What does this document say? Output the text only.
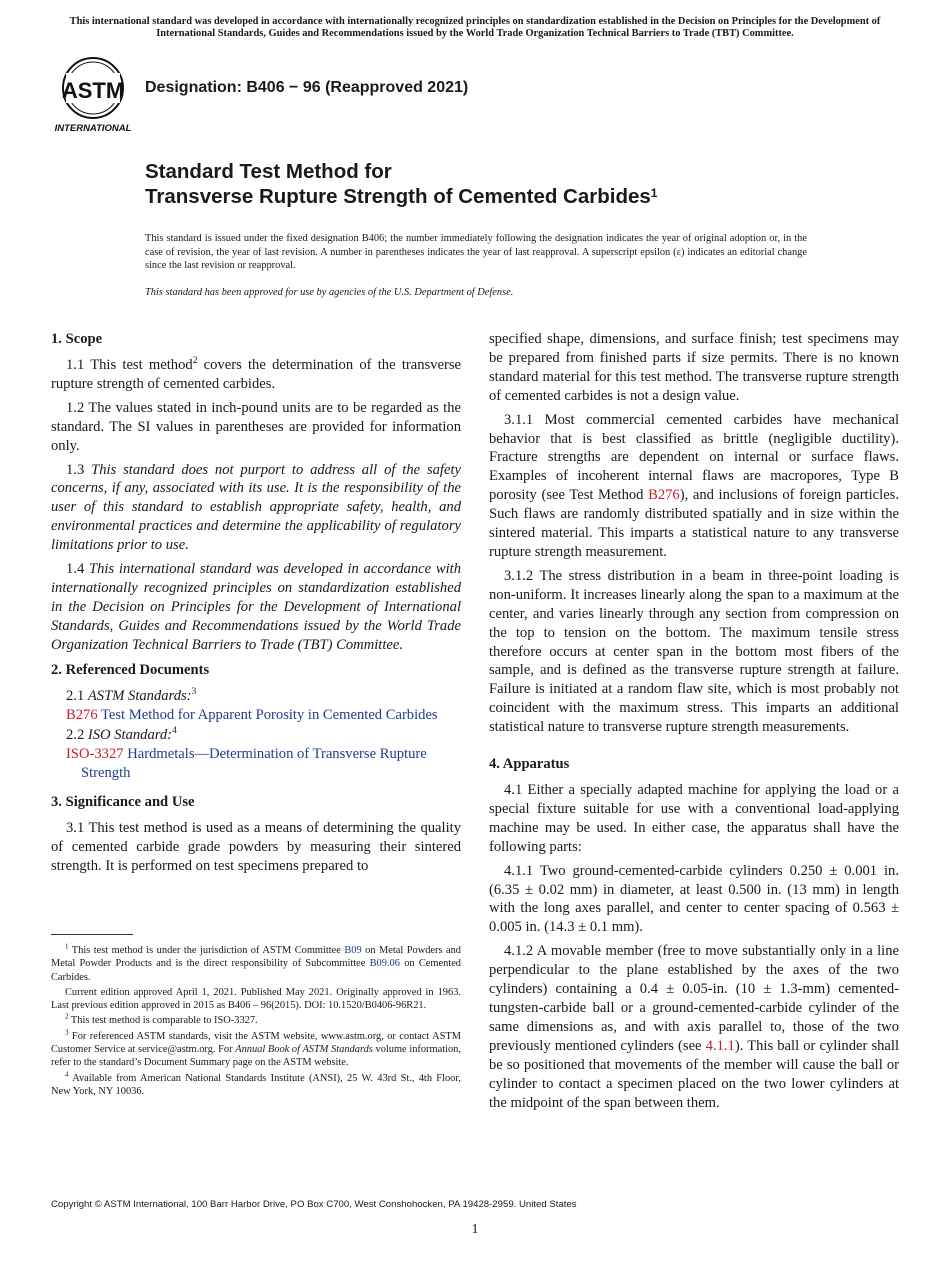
This international standard was developed in accordance with internationally recognized principles on standardization established in the Decision on Principles for the Development of International Standards, Guides and Recommendations issued by the World Trade Organization Technical Barriers to Trade (TBT) Committee.
ASTM
INTERNATIONAL
Designation: B406 − 96 (Reapproved 2021)
Standard Test Method for
Transverse Rupture Strength of Cemented Carbides$^1$
This standard is issued under the fixed designation B406; the number immediately following the designation indicates the year of original adoption or, in the case of revision, the year of last revision. A number in parentheses indicates the year of last reapproval. A superscript epsilon (ε) indicates an editorial change since the last revision or reapproval.
This standard has been approved for use by agencies of the U.S. Department of Defense.
1. Scope

1.1 This test method$^2$ covers the determination of the transverse rupture strength of cemented carbides.

1.2 The values stated in inch-pound units are to be regarded as the standard. The SI values in parentheses are provided for information only.

1.3 This standard does not purport to address all of the safety concerns, if any, associated with its use. It is the responsibility of the user of this standard to establish appropriate safety, health, and environmental practices and determine the applicability of regulatory limitations prior to use.

1.4 This international standard was developed in accordance with internationally recognized principles on standardization established in the Decision on Principles for the Development of International Standards, Guides and Recommendations issued by the World Trade Organization Technical Barriers to Trade (TBT) Committee.

2. Referenced Documents
2.1 ASTM Standards:$^3$
B276 Test Method for Apparent Porosity in Cemented Carbides
2.2 ISO Standard:$^4$
ISO-3327 Hardmetals—Determination of Transverse Rupture Strength
3. Significance and Use

3.1 This test method is used as a means of determining the quality of cemented carbide grade powders by measuring their sintered strength. It is performed on test specimens prepared to

$^1$ This test method is under the jurisdiction of ASTM Committee B09 on Metal Powders and Metal Powder Products and is the direct responsibility of Subcommittee B09.06 on Cemented Carbides.

Current edition approved April 1, 2021. Published May 2021. Originally approved in 1963. Last previous edition approved in 2015 as B406 – 96(2015). DOI: 10.1520/B0406-96R21.

$^2$ This test method is comparable to ISO-3327.

$^3$ For referenced ASTM standards, visit the ASTM website, www.astm.org, or contact ASTM Customer Service at service@astm.org. For Annual Book of ASTM Standards volume information, refer to the standard’s Document Summary page on the ASTM website.

$^4$ Available from American National Standards Institute (ANSI), 25 W. 43rd St., 4th Floor, New York, NY 10036.

specified shape, dimensions, and surface finish; test specimens may be prepared from finished parts if size permits. There is no known standard material for this test method. The transverse rupture strength of cemented carbides is not a design value.

3.1.1 Most commercial cemented carbides have mechanical behavior that is best classified as brittle (negligible ductility). Fracture strengths are dependent on internal or surface flaws. Examples of incoherent internal flaws are macropores, Type B porosity (see Test Method B276), and inclusions of foreign particles. Such flaws are randomly distributed spatially and in size within the sintered material. This imparts a statistical nature to any transverse rupture strength measurement.

3.1.2 The stress distribution in a beam in three-point loading is non-uniform. It increases linearly along the span to a maximum at the center, and varies linearly through any section from compression on the top to tension on the bottom. The maximum tensile stress therefore occurs at center span in the bottom most fibers of the sample, and is defined as the transverse rupture strength at failure. Failure is initiated at a random flaw site, which is most probably not coincident with the maximum stress. This imparts an additional statistical nature to transverse rupture strength measurements.

4. Apparatus

4.1 Either a specially adapted machine for applying the load or a special fixture suitable for use with a conventional load-applying machine may be used. In either case, the apparatus shall have the following parts:

4.1.1 Two ground-cemented-carbide cylinders 0.250 ± 0.001 in. (6.35 ± 0.02 mm) in diameter, at least 0.500 in. (13 mm) in length with the long axes parallel, and center to center spacing of 0.563 ± 0.005 in. (14.3 ± 0.1 mm).

4.1.2 A movable member (free to move substantially only in a line perpendicular to the plane established by the axes of the two cylinders) containing a 0.4 ± 0.05-in. (10 ± 1.3-mm) cemented-tungsten-carbide ball or a ground-cemented-carbide cylinder of the same dimensions as, and with axis parallel to, those of the two previously mentioned cylinders (see 4.1.1). This ball or cylinder shall be so positioned that movements of the member will cause the ball or cylinder to contact a specimen placed on the two lower cylinders at the midpoint of the span between them.

Copyright © ASTM International, 100 Barr Harbor Drive, PO Box C700, West Conshohocken, PA 19428-2959. United States
1
